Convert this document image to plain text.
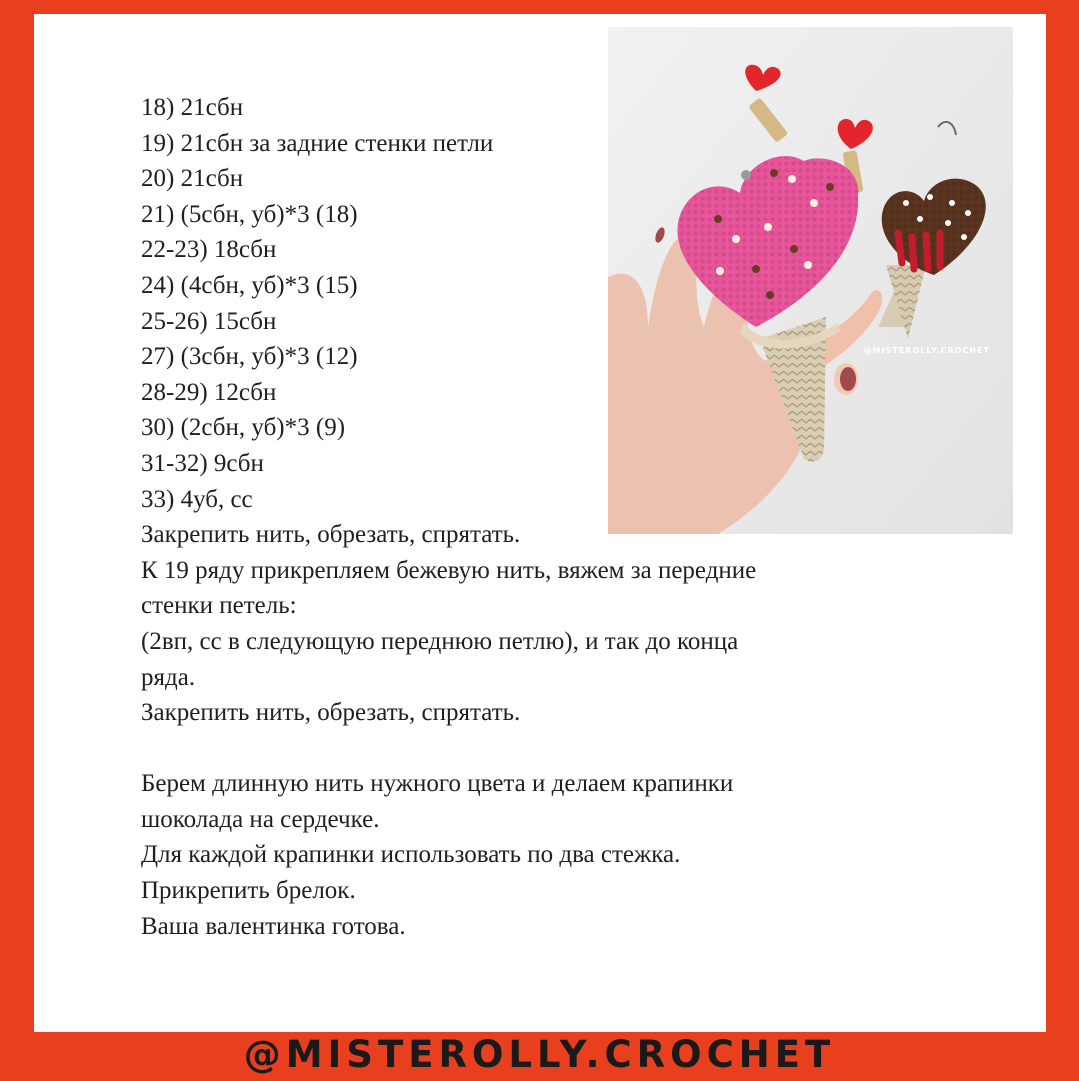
18) 21сбн
19) 21сбн за задние стенки петли
20) 21сбн
21) (5сбн, уб)*3 (18)
22-23) 18сбн
24) (4сбн, уб)*3 (15)
25-26) 15сбн
27) (3сбн, уб)*3 (12)
28-29) 12сбн
30) (2сбн, уб)*3 (9)
31-32) 9сбн
33) 4уб, сс
Закрепить нить, обрезать, спрятать.
К 19 ряду прикрепляем бежевую нить, вяжем за передние
стенки петель:
(2вп, сс в следующую переднюю петлю), и так до конца
ряда.
Закрепить нить, обрезать, спрятать.
Берем длинную нить нужного цвета и делаем крапинки
шоколада на сердечке.
Для каждой крапинки использовать по два стежка.
Прикрепить брелок.
Ваша валентинка готова.
@MISTEROLLY.CROCHET
@MISTEROLLY.CROCHET
